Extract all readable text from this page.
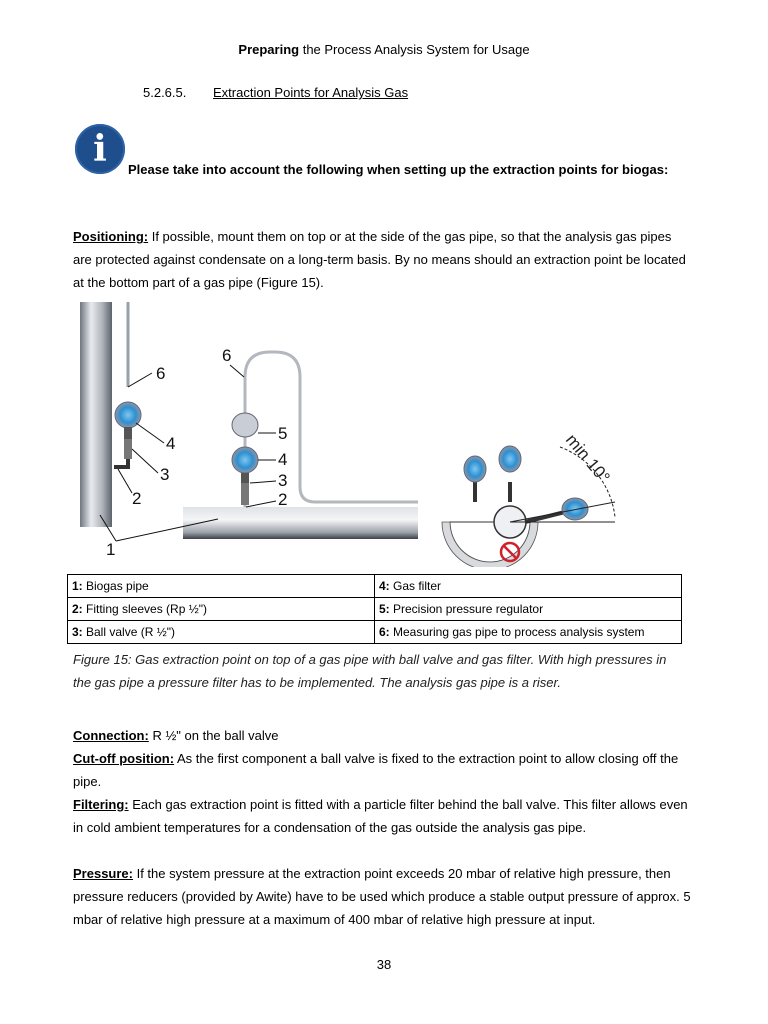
Preparing the Process Analysis System for Usage
5.2.6.5. Extraction Points for Analysis Gas
i	Please take into account the following when setting up the extraction points for biogas:
Positioning: If possible, mount them on top or at the side of the gas pipe, so that the analysis gas pipes are protected against condensate on a long-term basis. By no means should an extraction point be located at the bottom part of a gas pipe (Figure 15).
min 10°
6
4
3
2
1
6
5
4
3
2
1: Biogas pipe	4: Gas filter
2: Fitting sleeves (Rp ½")	5: Precision pressure regulator
3: Ball valve (R ½")	6: Measuring gas pipe to process analysis system
Figure 15: Gas extraction point on top of a gas pipe with ball valve and gas filter. With high pressures in the gas pipe a pressure filter has to be implemented. The analysis gas pipe is a riser.
Connection: R ½" on the ball valve
Cut-off position: As the first component a ball valve is fixed to the extraction point to allow closing off the pipe.
Filtering: Each gas extraction point is fitted with a particle filter behind the ball valve. This filter allows even in cold ambient temperatures for a condensation of the gas outside the analysis gas pipe.
Pressure: If the system pressure at the extraction point exceeds 20 mbar of relative high pressure, then pressure reducers (provided by Awite) have to be used which produce a stable output pressure of approx. 5 mbar of relative high pressure at a maximum of 400 mbar of relative high pressure at input.
38
